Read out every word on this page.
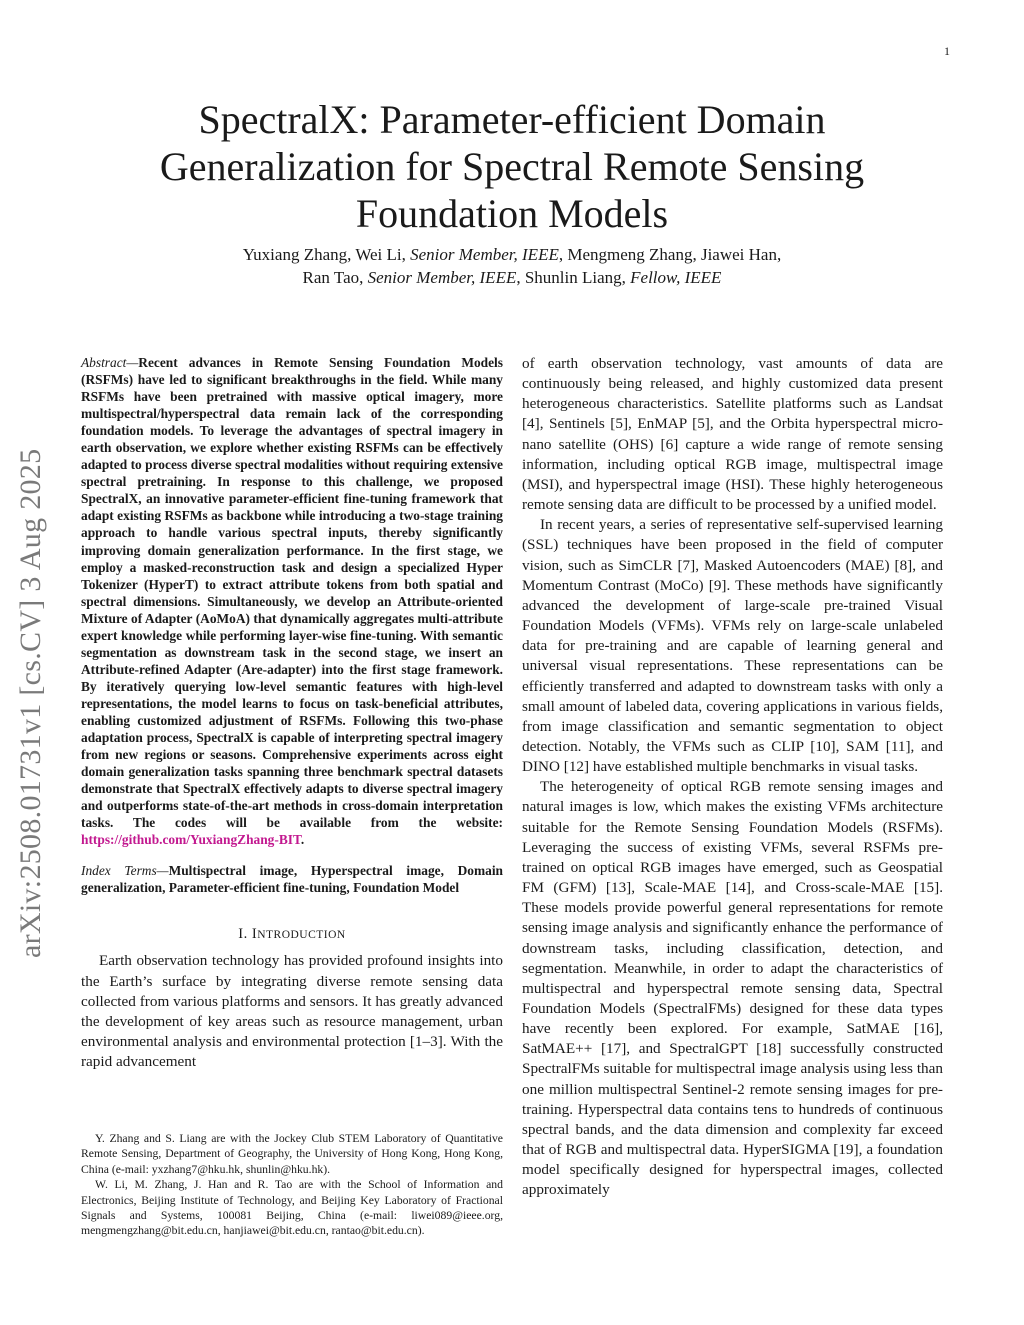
1
arXiv:2508.01731v1 [cs.CV] 3 Aug 2025
SpectralX: Parameter-efficient Domain Generalization for Spectral Remote Sensing Foundation Models
Yuxiang Zhang, Wei Li, Senior Member, IEEE, Mengmeng Zhang, Jiawei Han,
Ran Tao, Senior Member, IEEE, Shunlin Liang, Fellow, IEEE

Abstract—Recent advances in Remote Sensing Foundation Models (RSFMs) have led to significant breakthroughs in the field. While many RSFMs have been pretrained with massive optical imagery, more multispectral/hyperspectral data remain lack of the corresponding foundation models. To leverage the advantages of spectral imagery in earth observation, we explore whether existing RSFMs can be effectively adapted to process diverse spectral modalities without requiring extensive spectral pretraining. In response to this challenge, we proposed SpectralX, an innovative parameter-efficient fine-tuning framework that adapt existing RSFMs as backbone while introducing a two-stage training approach to handle various spectral inputs, thereby significantly improving domain generalization performance. In the first stage, we employ a masked-reconstruction task and design a specialized Hyper Tokenizer (HyperT) to extract attribute tokens from both spatial and spectral dimensions. Simultaneously, we develop an Attribute-oriented Mixture of Adapter (AoMoA) that dynamically aggregates multi-attribute expert knowledge while performing layer-wise fine-tuning. With semantic segmentation as downstream task in the second stage, we insert an Attribute-refined Adapter (Are-adapter) into the first stage framework. By iteratively querying low-level semantic features with high-level representations, the model learns to focus on task-beneficial attributes, enabling customized adjustment of RSFMs. Following this two-phase adaptation process, SpectralX is capable of interpreting spectral imagery from new regions or seasons. Comprehensive experiments across eight domain generalization tasks spanning three benchmark spectral datasets demonstrate that SpectralX effectively adapts to diverse spectral imagery and outperforms state-of-the-art methods in cross-domain interpretation tasks. The codes will be available from the website: https://github.com/YuxiangZhang-BIT.

Index Terms—Multispectral image, Hyperspectral image, Domain generalization, Parameter-efficient fine-tuning, Foundation Model

I. INTRODUCTION

Earth observation technology has provided profound insights into the Earth’s surface by integrating diverse remote sensing data collected from various platforms and sensors. It has greatly advanced the development of key areas such as resource management, urban environmental analysis and environmental protection [1–3]. With the rapid advancement

Y. Zhang and S. Liang are with the Jockey Club STEM Laboratory of Quantitative Remote Sensing, Department of Geography, the University of Hong Kong, Hong Kong, China (e-mail: yxzhang7@hku.hk, shunlin@hku.hk).

W. Li, M. Zhang, J. Han and R. Tao are with the School of Information and Electronics, Beijing Institute of Technology, and Beijing Key Laboratory of Fractional Signals and Systems, 100081 Beijing, China (e-mail: liwei089@ieee.org, mengmengzhang@bit.edu.cn, hanjiawei@bit.edu.cn, rantao@bit.edu.cn).

of earth observation technology, vast amounts of data are continuously being released, and highly customized data present heterogeneous characteristics. Satellite platforms such as Landsat [4], Sentinels [5], EnMAP [5], and the Orbita hyperspectral micro-nano satellite (OHS) [6] capture a wide range of remote sensing information, including optical RGB image, multispectral image (MSI), and hyperspectral image (HSI). These highly heterogeneous remote sensing data are difficult to be processed by a unified model.

In recent years, a series of representative self-supervised learning (SSL) techniques have been proposed in the field of computer vision, such as SimCLR [7], Masked Autoencoders (MAE) [8], and Momentum Contrast (MoCo) [9]. These methods have significantly advanced the development of large-scale pre-trained Visual Foundation Models (VFMs). VFMs rely on large-scale unlabeled data for pre-training and are capable of learning general and universal visual representations. These representations can be efficiently transferred and adapted to downstream tasks with only a small amount of labeled data, covering applications in various fields, from image classification and semantic segmentation to object detection. Notably, the VFMs such as CLIP [10], SAM [11], and DINO [12] have established multiple benchmarks in visual tasks.

The heterogeneity of optical RGB remote sensing images and natural images is low, which makes the existing VFMs architecture suitable for the Remote Sensing Foundation Models (RSFMs). Leveraging the success of existing VFMs, several RSFMs pre-trained on optical RGB images have emerged, such as Geospatial FM (GFM) [13], Scale-MAE [14], and Cross-scale-MAE [15]. These models provide powerful general representations for remote sensing image analysis and significantly enhance the performance of downstream tasks, including classification, detection, and segmentation. Meanwhile, in order to adapt the characteristics of multispectral and hyperspectral remote sensing data, Spectral Foundation Models (SpectralFMs) designed for these data types have recently been explored. For example, SatMAE [16], SatMAE++ [17], and SpectralGPT [18] successfully constructed SpectralFMs suitable for multispectral image analysis using less than one million multispectral Sentinel-2 remote sensing images for pre-training. Hyperspectral data contains tens to hundreds of continuous spectral bands, and the data dimension and complexity far exceed that of RGB and multispectral data. HyperSIGMA [19], a foundation model specifically designed for hyperspectral images, collected approximately
